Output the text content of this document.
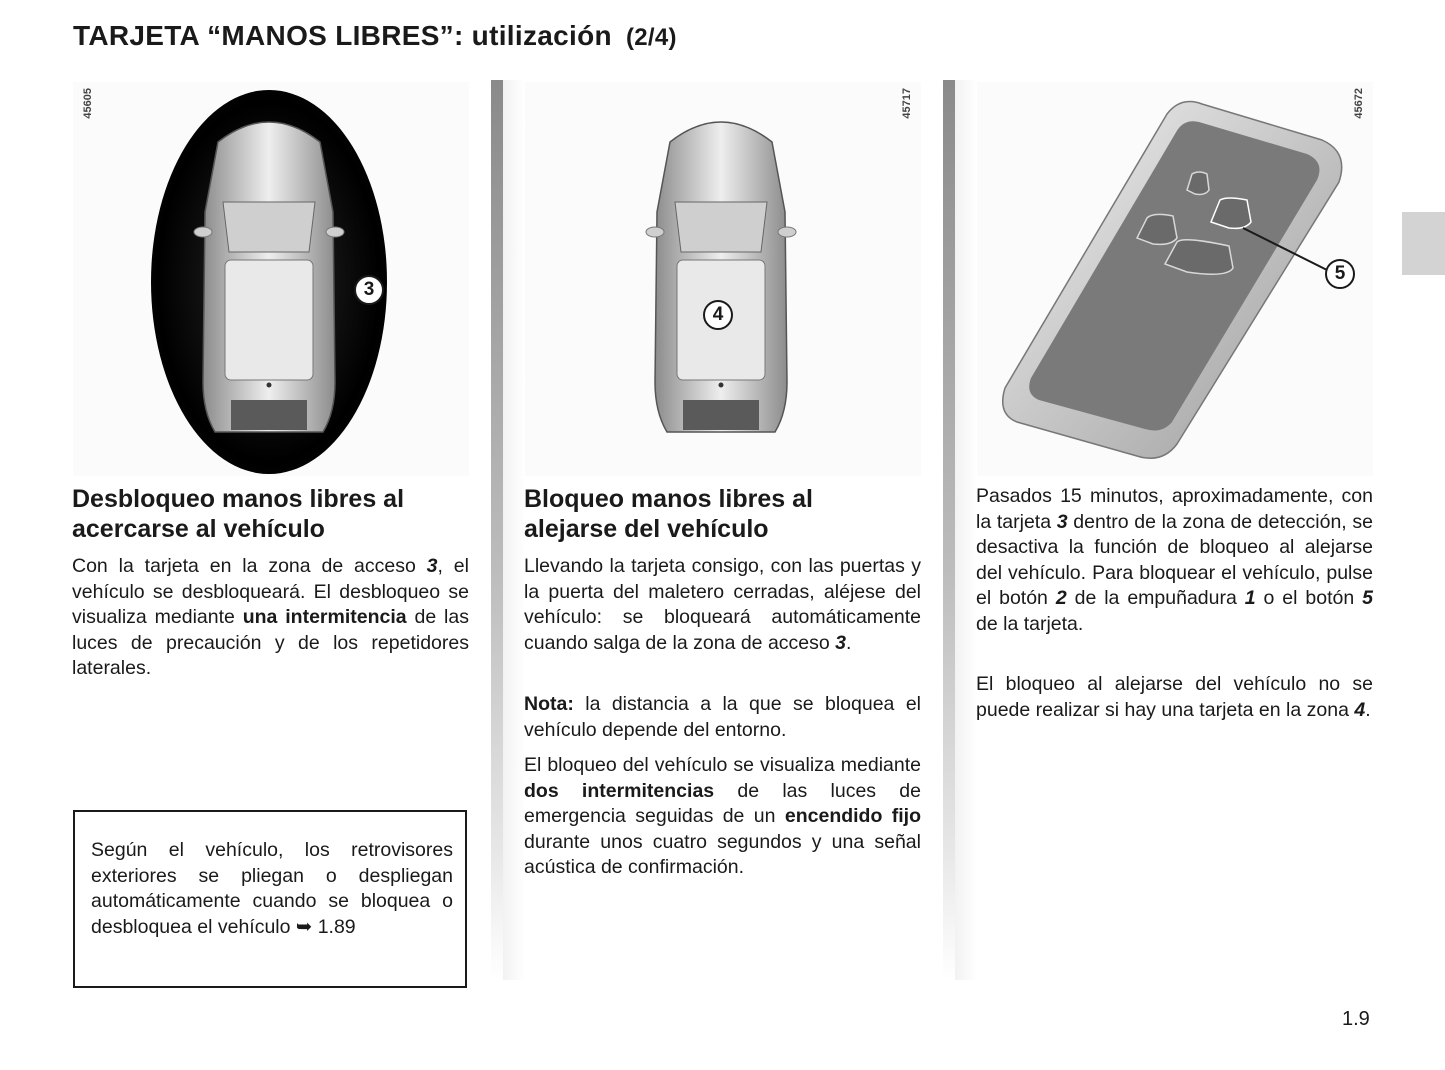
TARJETA “MANOS LIBRES”: utilización (2/4)
45605
3
45717
4
45672
5
Desbloqueo manos libres al
acercarse al vehículo

Con la tarjeta en la zona de acceso 3, el vehículo se desbloqueará. El desbloqueo se visualiza mediante una intermitencia de las luces de precaución y de los repetidores laterales.

Según el vehículo, los retrovisores exteriores se pliegan o despliegan automáticamente cuando se bloquea o desbloquea el vehículo ➥ 1.89

Bloqueo manos libres al
alejarse del vehículo

Llevando la tarjeta consigo, con las puertas y la puerta del maletero cerradas, aléjese del vehículo: se bloqueará automáticamente cuando salga de la zona de acceso 3.

Nota: la distancia a la que se bloquea el vehículo depende del entorno.

El bloqueo del vehículo se visualiza mediante dos intermitencias de las luces de emergencia seguidas de un encendido fijo durante unos cuatro segundos y una señal acústica de confirmación.

Pasados 15 minutos, aproximadamente, con la tarjeta 3 dentro de la zona de detección, se desactiva la función de bloqueo al alejarse del vehículo. Para bloquear el vehículo, pulse el botón 2 de la empuñadura 1 o el botón 5 de la tarjeta.

El bloqueo al alejarse del vehículo no se puede realizar si hay una tarjeta en la zona 4.

1.9
